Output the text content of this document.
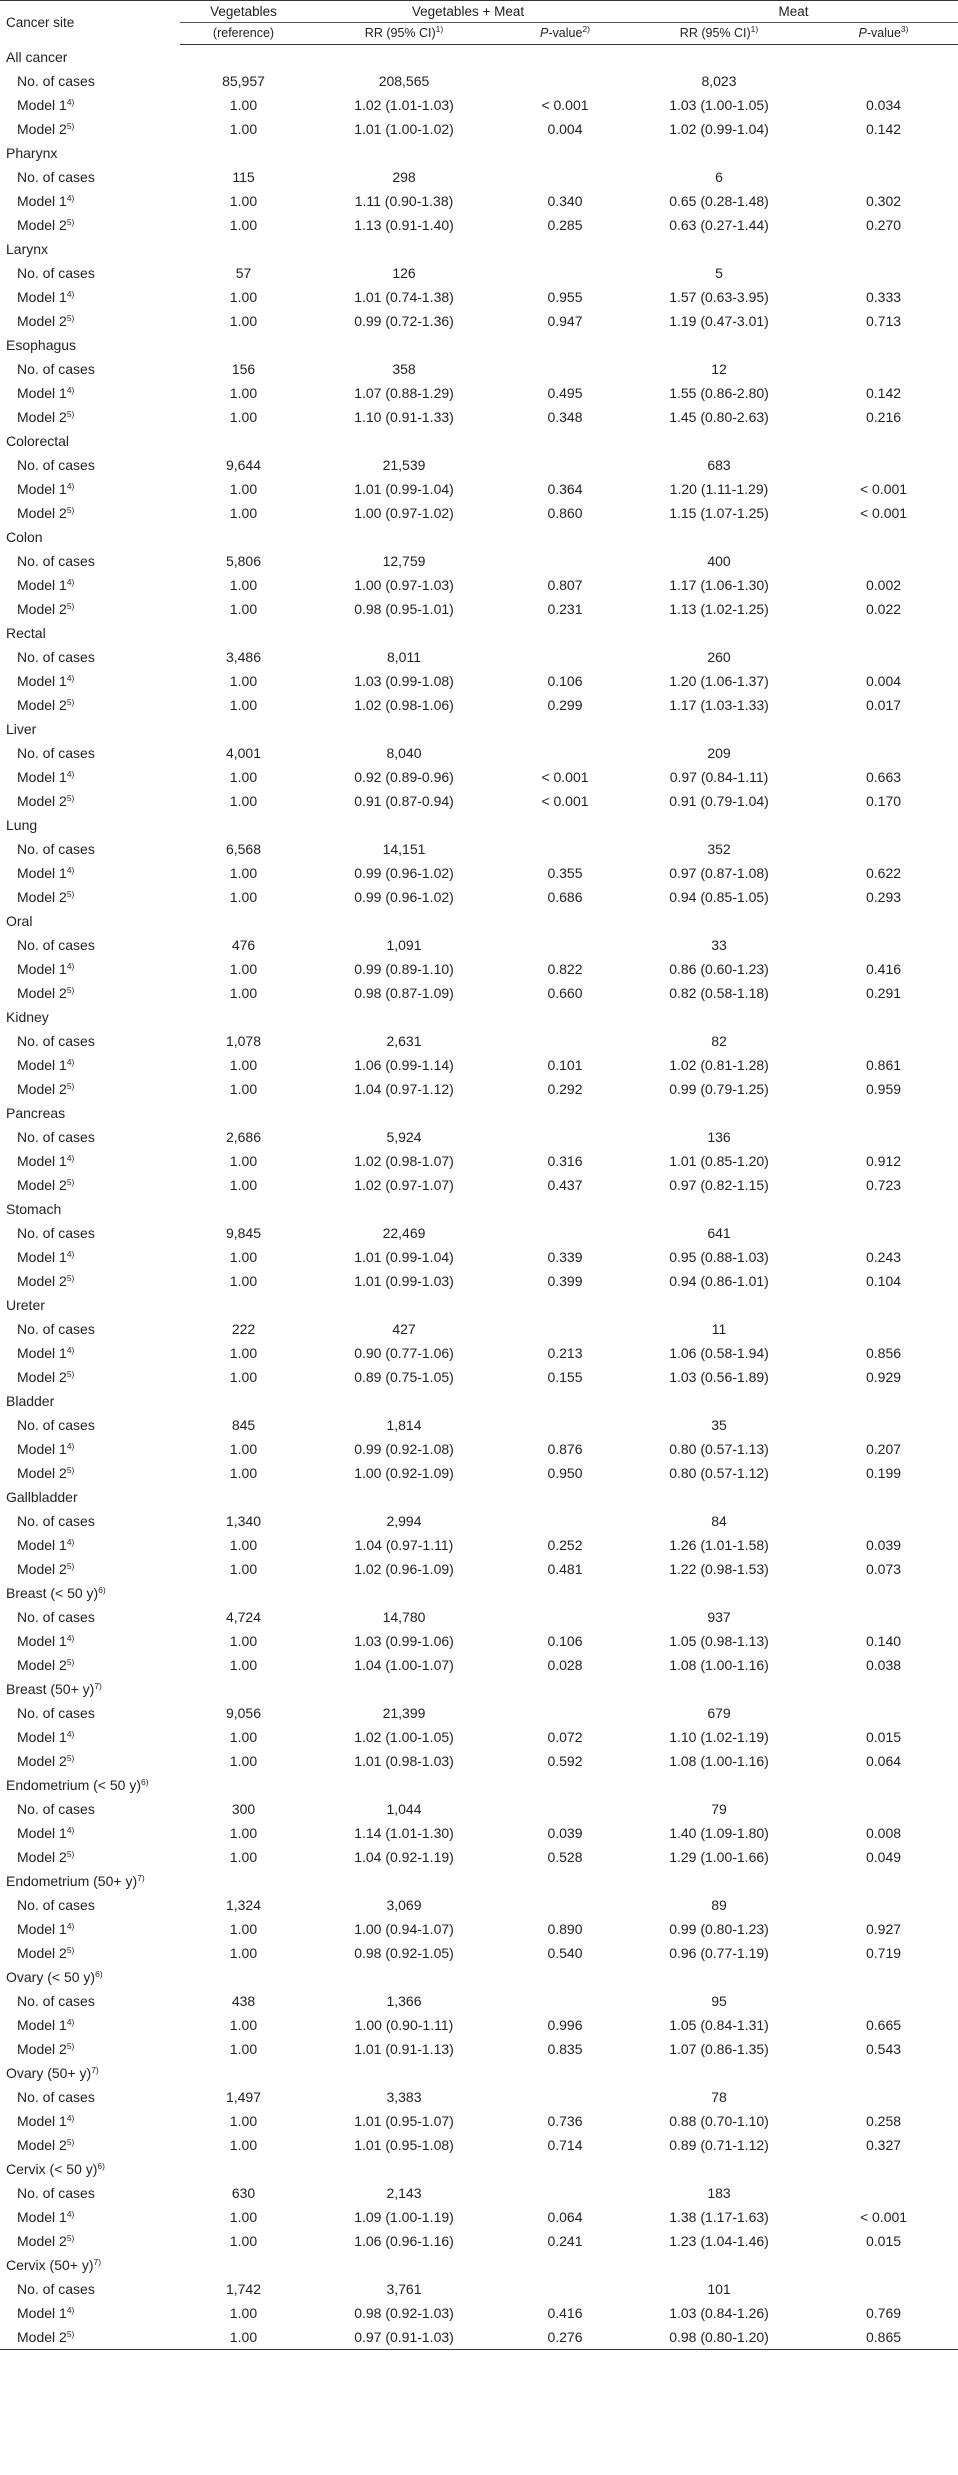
Cancer site	Vegetables	Vegetables + Meat		Meat	
	(reference)	RR (95% CI)$^{1)}$	P-value$^{2)}$	RR (95% CI)$^{1)}$	P-value$^{3)}$
All cancer					
No. of cases	85,957	208,565		8,023	
Model 1$^{4)}$	1.00	1.02 (1.01-1.03)	< 0.001	1.03 (1.00-1.05)	0.034
Model 2$^{5)}$	1.00	1.01 (1.00-1.02)	0.004	1.02 (0.99-1.04)	0.142
Pharynx					
No. of cases	115	298		6	
Model 1$^{4)}$	1.00	1.11 (0.90-1.38)	0.340	0.65 (0.28-1.48)	0.302
Model 2$^{5)}$	1.00	1.13 (0.91-1.40)	0.285	0.63 (0.27-1.44)	0.270
Larynx					
No. of cases	57	126		5	
Model 1$^{4)}$	1.00	1.01 (0.74-1.38)	0.955	1.57 (0.63-3.95)	0.333
Model 2$^{5)}$	1.00	0.99 (0.72-1.36)	0.947	1.19 (0.47-3.01)	0.713
Esophagus					
No. of cases	156	358		12	
Model 1$^{4)}$	1.00	1.07 (0.88-1.29)	0.495	1.55 (0.86-2.80)	0.142
Model 2$^{5)}$	1.00	1.10 (0.91-1.33)	0.348	1.45 (0.80-2.63)	0.216
Colorectal					
No. of cases	9,644	21,539		683	
Model 1$^{4)}$	1.00	1.01 (0.99-1.04)	0.364	1.20 (1.11-1.29)	< 0.001
Model 2$^{5)}$	1.00	1.00 (0.97-1.02)	0.860	1.15 (1.07-1.25)	< 0.001
Colon					
No. of cases	5,806	12,759		400	
Model 1$^{4)}$	1.00	1.00 (0.97-1.03)	0.807	1.17 (1.06-1.30)	0.002
Model 2$^{5)}$	1.00	0.98 (0.95-1.01)	0.231	1.13 (1.02-1.25)	0.022
Rectal					
No. of cases	3,486	8,011		260	
Model 1$^{4)}$	1.00	1.03 (0.99-1.08)	0.106	1.20 (1.06-1.37)	0.004
Model 2$^{5)}$	1.00	1.02 (0.98-1.06)	0.299	1.17 (1.03-1.33)	0.017
Liver					
No. of cases	4,001	8,040		209	
Model 1$^{4)}$	1.00	0.92 (0.89-0.96)	< 0.001	0.97 (0.84-1.11)	0.663
Model 2$^{5)}$	1.00	0.91 (0.87-0.94)	< 0.001	0.91 (0.79-1.04)	0.170
Lung					
No. of cases	6,568	14,151		352	
Model 1$^{4)}$	1.00	0.99 (0.96-1.02)	0.355	0.97 (0.87-1.08)	0.622
Model 2$^{5)}$	1.00	0.99 (0.96-1.02)	0.686	0.94 (0.85-1.05)	0.293
Oral					
No. of cases	476	1,091		33	
Model 1$^{4)}$	1.00	0.99 (0.89-1.10)	0.822	0.86 (0.60-1.23)	0.416
Model 2$^{5)}$	1.00	0.98 (0.87-1.09)	0.660	0.82 (0.58-1.18)	0.291
Kidney					
No. of cases	1,078	2,631		82	
Model 1$^{4)}$	1.00	1.06 (0.99-1.14)	0.101	1.02 (0.81-1.28)	0.861
Model 2$^{5)}$	1.00	1.04 (0.97-1.12)	0.292	0.99 (0.79-1.25)	0.959
Pancreas					
No. of cases	2,686	5,924		136	
Model 1$^{4)}$	1.00	1.02 (0.98-1.07)	0.316	1.01 (0.85-1.20)	0.912
Model 2$^{5)}$	1.00	1.02 (0.97-1.07)	0.437	0.97 (0.82-1.15)	0.723
Stomach					
No. of cases	9,845	22,469		641	
Model 1$^{4)}$	1.00	1.01 (0.99-1.04)	0.339	0.95 (0.88-1.03)	0.243
Model 2$^{5)}$	1.00	1.01 (0.99-1.03)	0.399	0.94 (0.86-1.01)	0.104
Ureter					
No. of cases	222	427		11	
Model 1$^{4)}$	1.00	0.90 (0.77-1.06)	0.213	1.06 (0.58-1.94)	0.856
Model 2$^{5)}$	1.00	0.89 (0.75-1.05)	0.155	1.03 (0.56-1.89)	0.929
Bladder					
No. of cases	845	1,814		35	
Model 1$^{4)}$	1.00	0.99 (0.92-1.08)	0.876	0.80 (0.57-1.13)	0.207
Model 2$^{5)}$	1.00	1.00 (0.92-1.09)	0.950	0.80 (0.57-1.12)	0.199
Gallbladder					
No. of cases	1,340	2,994		84	
Model 1$^{4)}$	1.00	1.04 (0.97-1.11)	0.252	1.26 (1.01-1.58)	0.039
Model 2$^{5)}$	1.00	1.02 (0.96-1.09)	0.481	1.22 (0.98-1.53)	0.073
Breast (< 50 y)$^{6)}$
No. of cases	4,724	14,780		937	
Model 1$^{4)}$	1.00	1.03 (0.99-1.06)	0.106	1.05 (0.98-1.13)	0.140
Model 2$^{5)}$	1.00	1.04 (1.00-1.07)	0.028	1.08 (1.00-1.16)	0.038
Breast $(50+ y)^{7)}$
No. of cases	9,056	21,399		679	
Model 1$^{4)}$	1.00	1.02 (1.00-1.05)	0.072	1.10 (1.02-1.19)	0.015
Model 2$^{5)}$	1.00	1.01 (0.98-1.03)	0.592	1.08 (1.00-1.16)	0.064
Endometrium (< 50 y)$^{6)}$
No. of cases	300	1,044		79	
Model 1$^{4)}$	1.00	1.14 (1.01-1.30)	0.039	1.40 (1.09-1.80)	0.008
Model 2$^{5)}$	1.00	1.04 (0.92-1.19)	0.528	1.29 (1.00-1.66)	0.049
Endometrium $(50+ y)^{7)}$
No. of cases	1,324	3,069		89	
Model 1$^{4)}$	1.00	1.00 (0.94-1.07)	0.890	0.99 (0.80-1.23)	0.927
Model 2$^{5)}$	1.00	0.98 (0.92-1.05)	0.540	0.96 (0.77-1.19)	0.719
Ovary (< 50 y)$^{6)}$
No. of cases	438	1,366		95	
Model 1$^{4)}$	1.00	1.00 (0.90-1.11)	0.996	1.05 (0.84-1.31)	0.665
Model 2$^{5)}$	1.00	1.01 (0.91-1.13)	0.835	1.07 (0.86-1.35)	0.543
Ovary $(50+ y)^{7)}$
No. of cases	1,497	3,383		78	
Model 1$^{4)}$	1.00	1.01 (0.95-1.07)	0.736	0.88 (0.70-1.10)	0.258
Model 2$^{5)}$	1.00	1.01 (0.95-1.08)	0.714	0.89 (0.71-1.12)	0.327
Cervix (< 50 y)$^{6)}$
No. of cases	630	2,143		183	
Model 1$^{4)}$	1.00	1.09 (1.00-1.19)	0.064	1.38 (1.17-1.63)	< 0.001
Model 2$^{5)}$	1.00	1.06 (0.96-1.16)	0.241	1.23 (1.04-1.46)	0.015
Cervix $(50+ y)^{7)}$
No. of cases	1,742	3,761		101	
Model 1$^{4)}$	1.00	0.98 (0.92-1.03)	0.416	1.03 (0.84-1.26)	0.769
Model 2$^{5)}$	1.00	0.97 (0.91-1.03)	0.276	0.98 (0.80-1.20)	0.865
